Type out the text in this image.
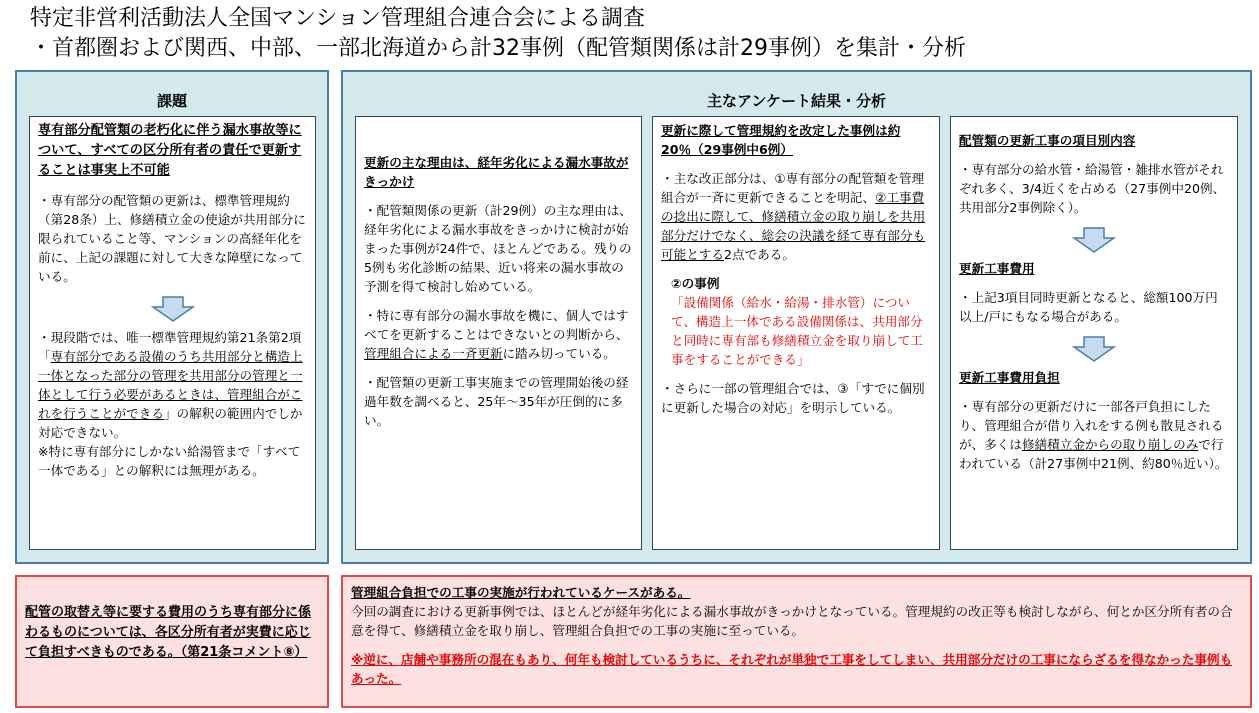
特定非営利活動法人全国マンション管理組合連合会による調査
・首都圏および関西、中部、一部北海道から計32事例（配管類関係は計29事例）を集計・分析
課題
専有部分配管類の老朽化に伴う漏水事故等について、すべての区分所有者の責任で更新することは事実上不可能
・専有部分の配管類の更新は、標準管理規約（第28条）上、修繕積立金の使途が共用部分に限られていること等、マンションの高経年化を前に、上記の課題に対して大きな障壁になっている。
・現段階では、唯一標準管理規約第21条第2項「専有部分である設備のうち共用部分と構造上一体となった部分の管理を共用部分の管理と一体として行う必要があるときは、管理組合がこれを行うことができる」の解釈の範囲内でしか対応できない。
※特に専有部分にしかない給湯管まで「すべて一体である」との解釈には無理がある。
主なアンケート結果・分析
更新の主な理由は、経年劣化による漏水事故がきっかけ
・配管類関係の更新（計29例）の主な理由は、経年劣化による漏水事故をきっかけに検討が始まった事例が24件で、ほとんどである。残りの5例も劣化診断の結果、近い将来の漏水事故の予測を得て検討し始めている。
・特に専有部分の漏水事故を機に、個人ではすべてを更新することはできないとの判断から、管理組合による一斉更新に踏み切っている。
・配管類の更新工事実施までの管理開始後の経過年数を調べると、25年～35年が圧倒的に多い。
更新に際して管理規約を改定した事例は約20％（29事例中6例）
・主な改正部分は、①専有部分の配管類を管理組合が一斉に更新できることを明記、②工事費の捻出に際して、修繕積立金の取り崩しを共用部分だけでなく、総会の決議を経て専有部分も可能とする2点である。
②の事例
「設備関係（給水・給湯・排水管）について、構造上一体である設備関係は、共用部分と同時に専有部も修繕積立金を取り崩して工事をすることができる」
・さらに一部の管理組合では、③「すでに個別に更新した場合の対応」を明示している。
配管類の更新工事の項目別内容
・専有部分の給水管・給湯管・雑排水管がそれぞれ多く、3/4近くを占める（27事例中20例、共用部分2事例除く）。
更新工事費用
・上記3項目同時更新となると、総額100万円以上/戸にもなる場合がある。
更新工事費用負担
・専有部分の更新だけに一部各戸負担にしたり、管理組合が借り入れをする例も散見されるが、多くは修繕積立金からの取り崩しのみで行われている（計27事例中21例、約80％近い）。
配管の取替え等に要する費用のうち専有部分に係わるものについては、各区分所有者が実費に応じて負担すべきものである。（第21条コメント⑧）
管理組合負担での工事の実施が行われているケースがある。
今回の調査における更新事例では、ほとんどが経年劣化による漏水事故がきっかけとなっている。管理規約の改正等も検討しながら、何とか区分所有者の合意を得て、修繕積立金を取り崩し、管理組合負担での工事の実施に至っている。
※逆に、店舗や事務所の混在もあり、何年も検討しているうちに、それぞれが単独で工事をしてしまい、共用部分だけの工事にならざるを得なかった事例もあった。
